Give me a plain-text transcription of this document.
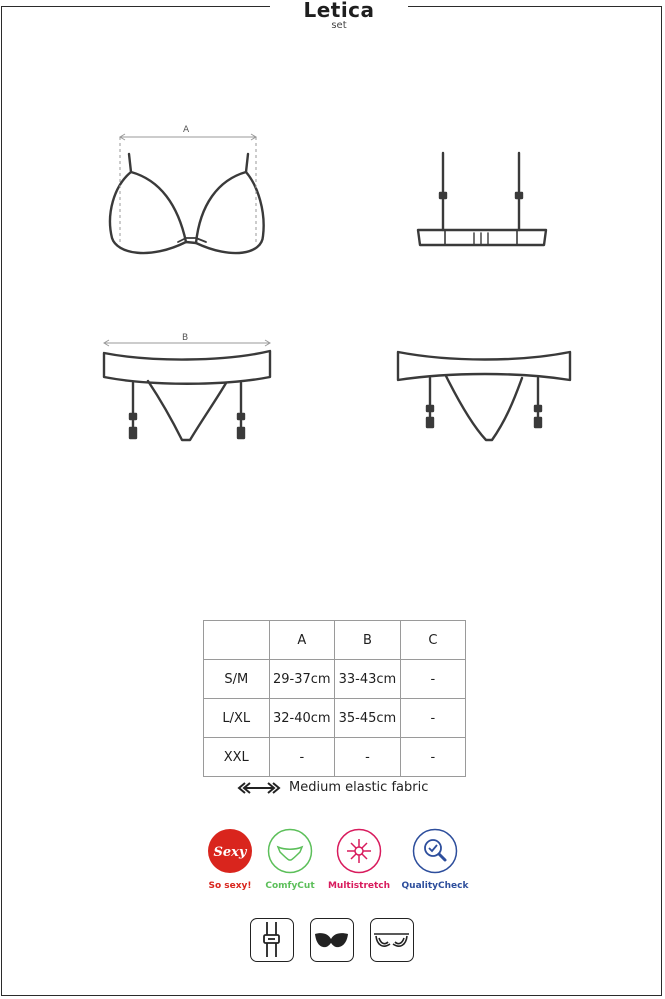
Letica
set
A
B
	A	B	C
S/M	29-37cm	33-43cm	-
L/XL	32-40cm	35-45cm	-
XXL	-	-	-
Medium elastic fabric
Sexy
So sexy!	ComfyCut Multistretch QualityCheck
